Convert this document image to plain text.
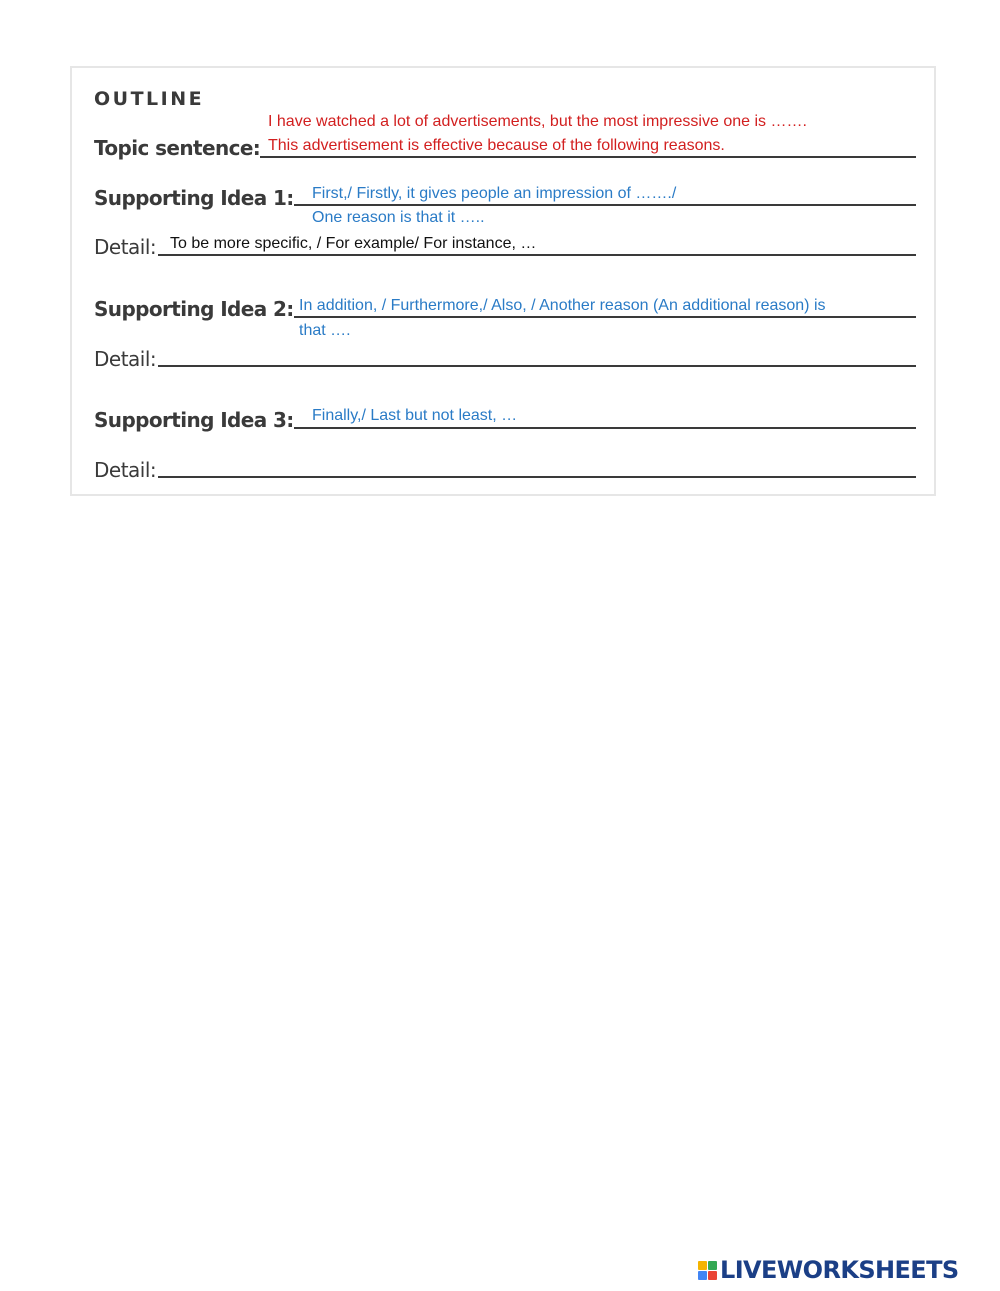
OUTLINE
Topic sentence:
I have watched a lot of advertisements, but the most impressive one is …….
This advertisement is effective because of the following reasons.
Supporting Idea 1: First,/ Firstly, it gives people an impression of ……./
One reason is that it …..
Detail: To be more specific, / For example/ For instance, …
Supporting Idea 2: In addition, / Furthermore,/ Also, / Another reason (An additional reason) is
that ….
Detail:
Supporting Idea 3: Finally,/ Last but not least, …
Detail:
LIVEWORKSHEETS
